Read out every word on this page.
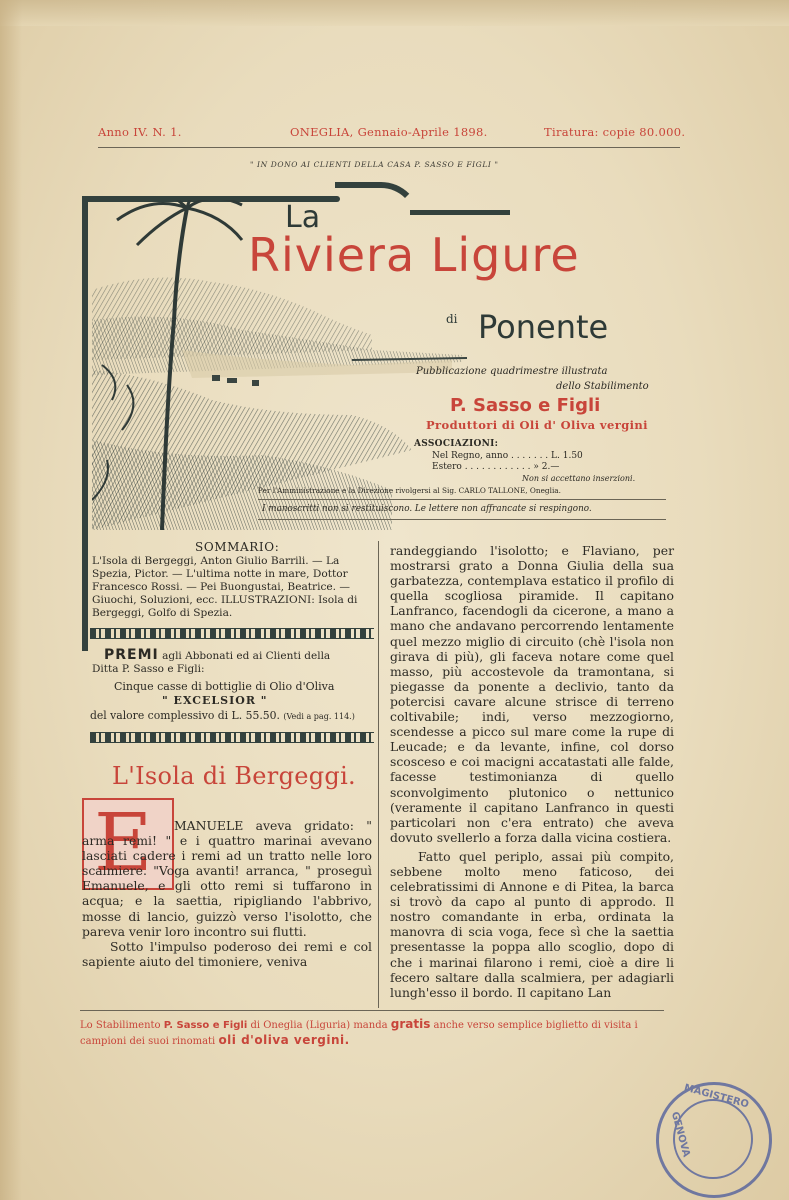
Anno IV. N. 1.	ONEGLIA, Gennaio-Aprile 1898.	Tiratura: copie 80.000.
" IN DONO AI CLIENTI DELLA CASA P. SASSO E FIGLI "
La
Riviera Ligure
di Ponente
Pubblicazione quadrimestre illustrata
dello Stabilimento
P. Sasso e Figli
Produttori di Oli d' Oliva vergini
ASSOCIAZIONI:
Nel Regno, anno . . . . . . . L. 1.50
Estero . . . . . . . . . . . . » 2.—
Non si accettano inserzioni.
Per l'Amministrazione e la Direzione rivolgersi al Sig. CARLO TALLONE, Oneglia.
I manoscritti non si restituiscono. Le lettere non affrancate si respingono.
SOMMARIO:
L'Isola di Bergeggi, Anton Giulio Barrili. — La Spezia, Pictor. — L'ultima notte in mare, Dottor Francesco Rossi. — Pei Buongustai, Beatrice. — Giuochi, Soluzioni, ecc. ILLUSTRAZIONI: Isola di Bergeggi, Golfo di Spezia.
PREMI agli Abbonati ed ai Clienti della
Ditta P. Sasso e Figli:
Cinque casse di bottiglie di Olio d'Oliva
" EXCELSIOR "
del valore complessivo di L. 55.50. (Vedi a pag. 114.)
L'Isola di Bergeggi.
E	MANUELE aveva gridato: " arma remi! " e i quattro marinai avevano lasciati cadere i remi ad un tratto nelle loro scalmiere. "Voga avanti! arranca, " proseguì Emanuele, e gli otto remi si tuffarono in acqua; e la saettia, ripigliando l'abbrivo, mosse di lancio, guizzò verso l'isolotto, che pareva venir loro incontro sui flutti.
Sotto l'impulso poderoso dei remi e col sapiente aiuto del timoniere, veniva
randeggiando l'isolotto; e Flaviano, per mostrarsi grato a Donna Giulia della sua garbatezza, contemplava estatico il profilo di quella scogliosa piramide. Il capitano Lanfranco, facendogli da cicerone, a mano a mano che andavano percorrendo lentamente quel mezzo miglio di circuito (chè l'isola non girava di più), gli faceva notare come quel masso, più accostevole da tramontana, si piegasse da ponente a declivio, tanto da potercisi cavare alcune strisce di terreno coltivabile; indi, verso mezzogiorno, scendesse a picco sul mare come la rupe di Leucade; e da levante, infine, col dorso scosceso e coi macigni accatastati alle falde, facesse testimonianza di quello sconvolgimento plutonico o nettunico (veramente il capitano Lanfranco in questi particolari non c'era entrato) che aveva dovuto svellerlo a forza dalla vicina costiera.
Fatto quel periplo, assai più compito, sebbene molto meno faticoso, dei celebratissimi di Annone e di Pitea, la barca si trovò da capo al punto di approdo. Il nostro comandante in erba, ordinata la manovra di scia voga, fece sì che la saettia presentasse la poppa allo scoglio, dopo di che i marinai filarono i remi, cioè a dire li fecero saltare dalla scalmiera, per adagiarli lungh'esso il bordo. Il capitano Lan
Lo Stabilimento P. Sasso e Figli di Oneglia (Liguria) manda gratis anche verso semplice biglietto di visita i campioni dei suoi rinomati oli d'oliva vergini.
MAGISTERO
GENOVA
